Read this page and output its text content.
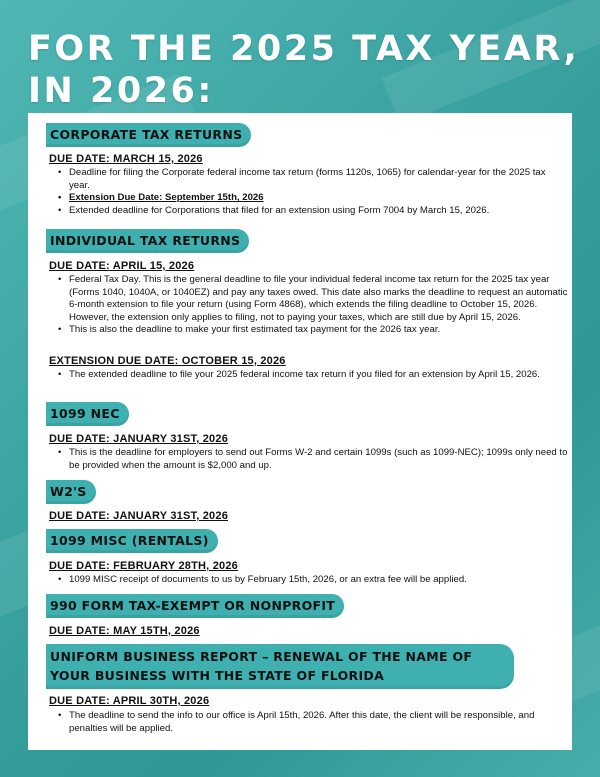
FOR THE 2025 TAX YEAR,
IN 2026:
CORPORATE TAX RETURNS
DUE DATE: MARCH 15, 2026
• Deadline for filing the Corporate federal income tax return (forms 1120s, 1065) for calendar-year for the 2025 tax year.
• Extension Due Date: September 15th, 2026
• Extended deadline for Corporations that filed for an extension using Form 7004 by March 15, 2026.
INDIVIDUAL TAX RETURNS
DUE DATE: APRIL 15, 2026
• Federal Tax Day. This is the general deadline to file your individual federal income tax return for the 2025 tax year (Forms 1040, 1040A, or 1040EZ) and pay any taxes owed. This date also marks the deadline to request an automatic 6-month extension to file your return (using Form 4868), which extends the filing deadline to October 15, 2026. However, the extension only applies to filing, not to paying your taxes, which are still due by April 15, 2026.
• This is also the deadline to make your first estimated tax payment for the 2026 tax year.
EXTENSION DUE DATE: OCTOBER 15, 2026
• The extended deadline to file your 2025 federal income tax return if you filed for an extension by April 15, 2026.
1099 NEC
DUE DATE: JANUARY 31ST, 2026
• This is the deadline for employers to send out Forms W-2 and certain 1099s (such as 1099-NEC); 1099s only need to be provided when the amount is $2,000 and up.
W2'S
DUE DATE: JANUARY 31ST, 2026
1099 MISC (RENTALS)
DUE DATE: FEBRUARY 28TH, 2026
• 1099 MISC receipt of documents to us by February 15th, 2026, or an extra fee will be applied.
990 FORM TAX-EXEMPT OR NONPROFIT
DUE DATE: MAY 15TH, 2026
UNIFORM BUSINESS REPORT – RENEWAL OF THE NAME OF YOUR BUSINESS WITH THE STATE OF FLORIDA
DUE DATE: APRIL 30TH, 2026
• The deadline to send the info to our office is April 15th, 2026. After this date, the client will be responsible, and penalties will be applied.
